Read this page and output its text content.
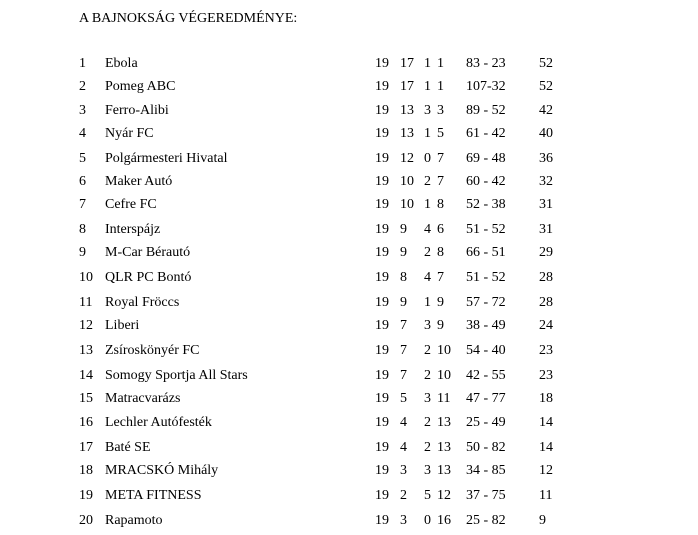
A BAJNOKSÁG VÉGEREDMÉNYE:
1 Ebola	19 17 1 1 83 - 23 52
2 Pomeg ABC	19 17 1 1 107-32 52
3 Ferro-Alibi	19 13 3 3 89 - 52 42
4 Nyár FC	19 13 1 5 61 - 42 40
5 Polgármesteri Hivatal	19 12 0 7 69 - 48 36
6 Maker Autó	19 10 2 7 60 - 42 32
7 Cefre FC	19 10 1 8 52 - 38 31
8 Interspájz	19 9 4 6 51 - 52 31
9 M-Car Bérautó	19 9 2 8 66 - 51 29
10 QLR PC Bontó	19 8 4 7 51 - 52 28
11 Royal Fröccs	19 9 1 9 57 - 72 28
12 Liberi	19 7 3 9 38 - 49 24
13 Zsíroskönyér FC	19 7 2 10 54 - 40 23
14 Somogy Sportja All Stars	19 7 2 10 42 - 55 23
15 Matracvarázs	19 5 3 11 47 - 77 18
16 Lechler Autófesték	19 4 2 13 25 - 49 14
17 Baté SE	19 4 2 13 50 - 82 14
18 MRACSKÓ Mihály	19 3 3 13 34 - 85 12
19 META FITNESS	19 2 5 12 37 - 75 11
20 Rapamoto	19 3 0 16 25 - 82 9
